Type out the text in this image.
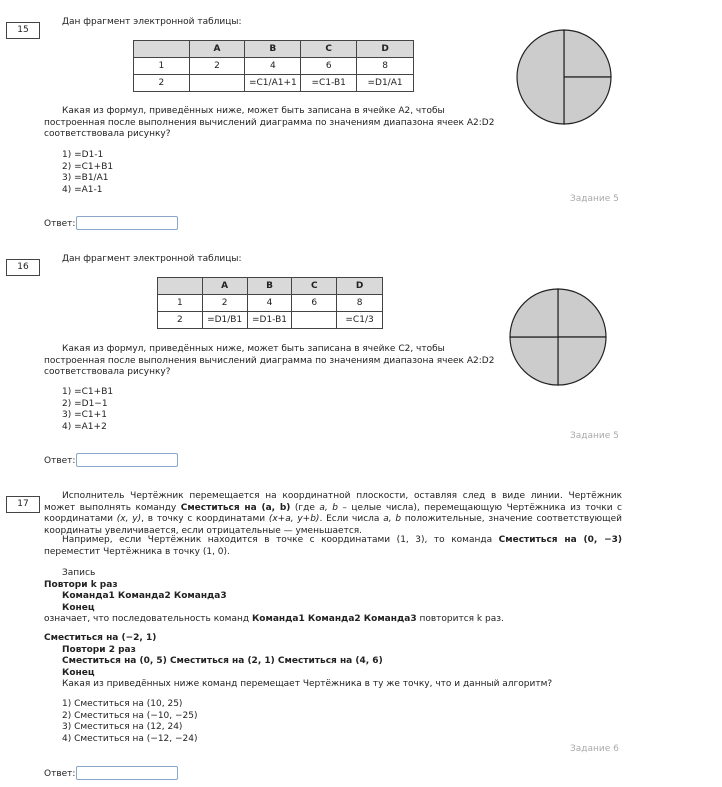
15
Дан фрагмент электронной таблицы:
	A	B	C	D
1	2	4	6	8
2		=C1/A1+1	=C1-B1	=D1/A1
Какая из формул, приведённых ниже, может быть записана в ячейке A2, чтобы построенная после выполнения вычислений диаграмма по значениям диапазона ячеек A2:D2 соответствовала рисунку?
1) =D1-1
2) =C1+B1
3) =B1/A1
4) =A1-1
Задание 5
Ответ:
16
Дан фрагмент электронной таблицы:
	A	B	C	D
1	2	4	6	8
2	=D1/B1	=D1-B1		=C1/3
Какая из формул, приведённых ниже, может быть записана в ячейке C2, чтобы построенная после выполнения вычислений диаграмма по значениям диапазона ячеек A2:D2 соответствовала рисунку?
1) =C1+B1
2) =D1−1
3) =C1+1
4) =A1+2
Задание 5
Ответ:
17
Исполнитель Чертёжник перемещается на координатной плоскости, оставляя след в виде линии. Чертёжник может выполнять команду Сместиться на (a, b) (где a, b – целые числа), перемещающую Чертёжника из точки с координатами (x, y), в точку с координатами (x+a, y+b). Если числа a, b положительные, значение соответствующей координаты увеличивается, если отрицательные — уменьшается.
Например, если Чертёжник находится в точке с координатами (1, 3), то команда Сместиться на (0, −3) переместит Чертёжника в точку (1, 0).
Запись
Повтори k раз
Команда1 Команда2 Команда3
Конец
означает, что последовательность команд Команда1 Команда2 Команда3 повторится k раз.
Сместиться на (−2, 1)
Повтори 2 раз
Сместиться на (0, 5) Сместиться на (2, 1) Сместиться на (4, 6)
Конец
Какая из приведённых ниже команд перемещает Чертёжника в ту же точку, что и данный алгоритм?
1) Сместиться на (10, 25)
2) Сместиться на (−10, −25)
3) Сместиться на (12, 24)
4) Сместиться на (−12, −24)
Задание 6
Ответ:
